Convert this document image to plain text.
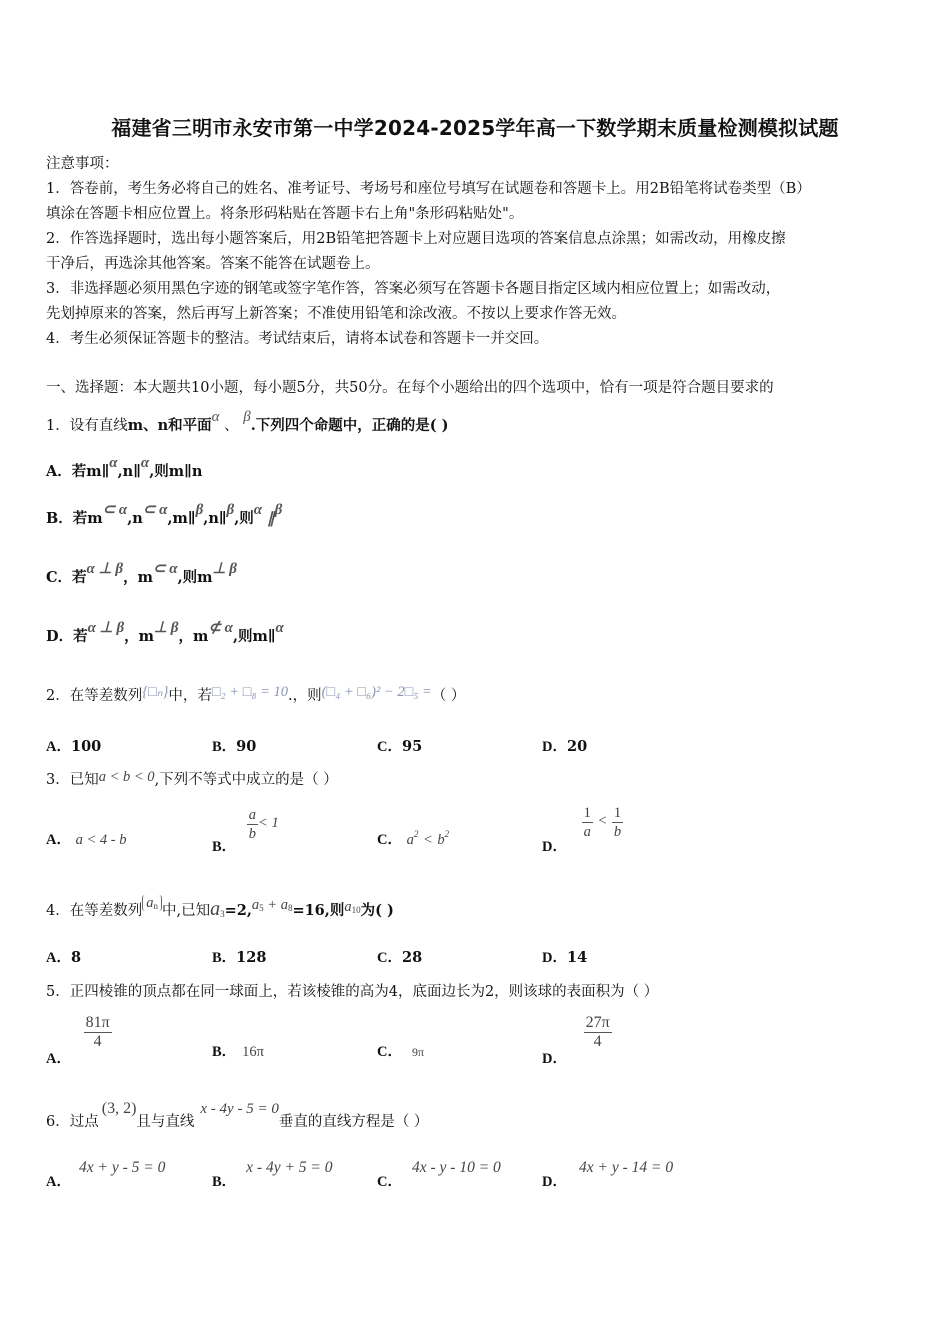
福建省三明市永安市第一中学2024-2025学年高一下数学期末质量检测模拟试题
注意事项：
1．答卷前，考生务必将自己的姓名、准考证号、考场号和座位号填写在试题卷和答题卡上。用2B铅笔将试卷类型（B）
填涂在答题卡相应位置上。将条形码粘贴在答题卡右上角"条形码粘贴处"。
2．作答选择题时，选出每小题答案后，用2B铅笔把答题卡上对应题目选项的答案信息点涂黑；如需改动，用橡皮擦
干净后，再选涂其他答案。答案不能答在试题卷上。
3．非选择题必须用黑色字迹的钢笔或签字笔作答，答案必须写在答题卡各题目指定区域内相应位置上；如需改动，
先划掉原来的答案，然后再写上新答案；不准使用铅笔和涂改液。不按以上要求作答无效。
4．考生必须保证答题卡的整洁。考试结束后，请将本试卷和答题卡一并交回。
一、选择题：本大题共10小题，每小题5分，共50分。在每个小题给出的四个选项中，恰有一项是符合题目要求的
1．设有直线m、n和平面α 、 β.下列四个命题中，正确的是( )
A．若m∥α,n∥α,则m∥n
B．若m⊂ α,n⊂ α,m∥β,n∥β,则α ∥β
C．若α ⊥ β，m⊂ α,则m⊥ β
D．若α ⊥ β，m⊥ β，m⊄ α,则m∥α
2．在等差数列{□ₙ}中，若□₂ + □₈ = 10.，则(□₄ + □₆)² − 2□₅ =（ ）
A．100	B．90	C．95	D．20
3．已知a < b < 0,下列不等式中成立的是（ ）
A． a < 4 - b	B．
$\frac{a}{b} < 1$
C． $a^2 < b^2$
D．
$\frac{1}{a} < \frac{1}{b}$
4．在等差数列 $a_n$ 中,已知$a_3=2,a_5 + a_8=16$,则$a_{10}$为( )
A．8	B．128	C．28	D．14
5．正四棱锥的顶点都在同一球面上，若该棱锥的高为4，底面边长为2，则该球的表面积为（ ）
A．
$\frac{81\pi}{4}$
B． 16π	C． 9π	D．
$\frac{27\pi}{4}$
6．过点(3, 2)且与直线x - 4y - 5 = 0垂直的直线方程是（ ）
A．4x + y - 5 = 0
B．x - 4y + 5 = 0
C．4x - y - 10 = 0
D．4x + y - 14 = 0
